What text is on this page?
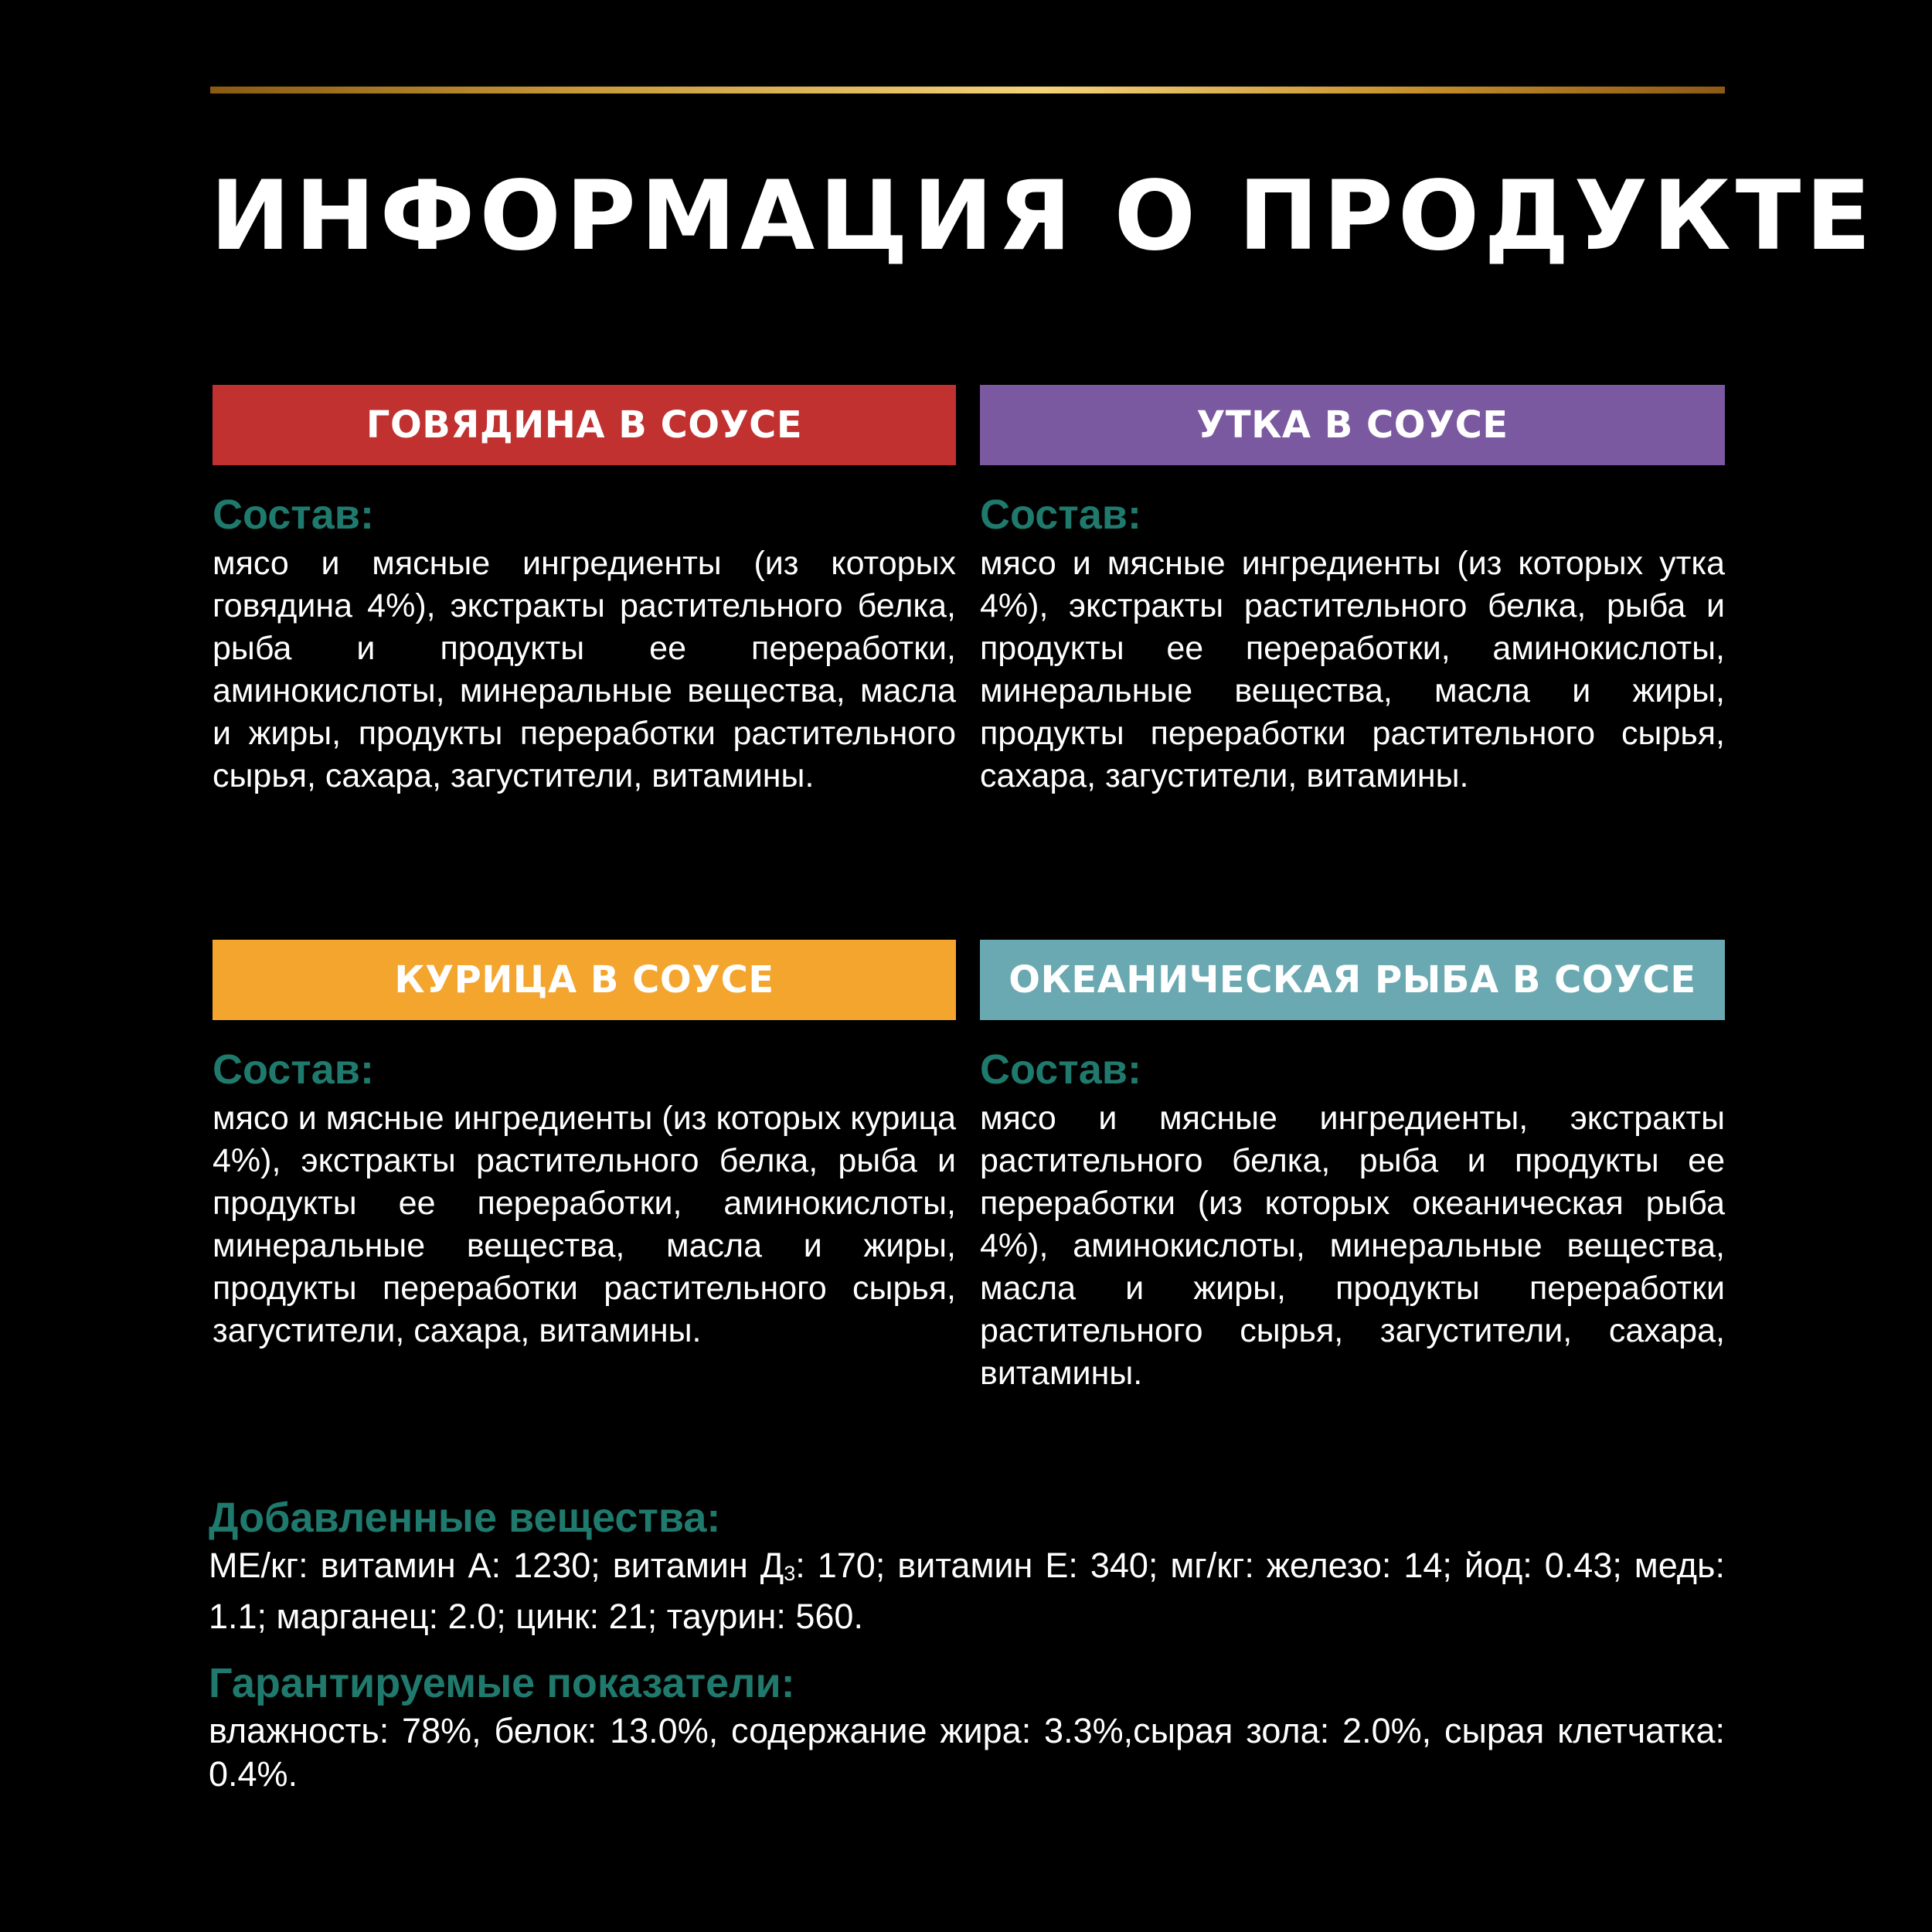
ИНФОРМАЦИЯ О ПРОДУКТЕ
ГОВЯДИНА В СОУСЕ
Состав:
мясо и мясные ингредиенты (из которых говядина 4%), экстракты растительного белка, рыба и продукты ее переработки, аминокислоты, минеральные вещества, масла и жиры, продукты переработки растительного сырья, сахара, загустители, витамины.
УТКА В СОУСЕ
Состав:
мясо и мясные ингредиенты (из которых утка 4%), экстракты растительного белка, рыба и продукты ее переработки, аминокислоты, минеральные вещества, масла и жиры, продукты переработки растительного сырья, сахара, загустители, витамины.
КУРИЦА В СОУСЕ
Состав:
мясо и мясные ингредиенты (из которых курица 4%), экстракты растительного белка, рыба и продукты ее переработки, аминокислоты, минеральные вещества, масла и жиры, продукты переработки растительного сырья, загустители, сахара, витамины.
ОКЕАНИЧЕСКАЯ РЫБА В СОУСЕ
Состав:
мясо и мясные ингредиенты, экстракты растительного белка, рыба и продукты ее переработки (из которых океаническая рыба 4%), аминокислоты, минеральные вещества, масла и жиры, продукты переработки растительного сырья, загустители, сахара, витамины.
Добавленные вещества:
МЕ/кг: витамин А: 1230; витамин $Д_3$: 170; витамин Е: 340; мг/кг: железо: 14; йод: 0.43; медь: 1.1; марганец: 2.0; цинк: 21; таурин: 560.
Гарантируемые показатели:
влажность: 78%, белок: 13.0%, содержание жира: 3.3%,сырая зола: 2.0%, сырая клетчатка: 0.4%.
